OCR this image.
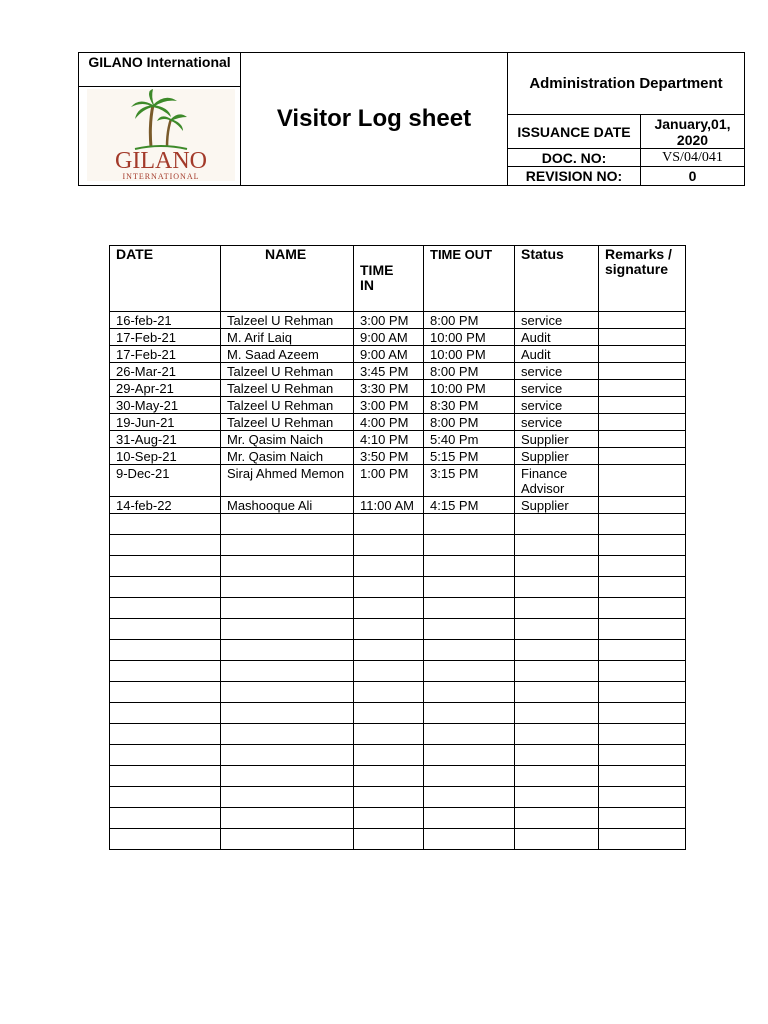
GILANO International
GILANO
INTERNATIONAL
Visitor Log sheet
Administration Department
ISSUANCE DATE	January,01, 2020
DOC. NO:	VS/04/041
REVISION NO:	0
DATE	NAME	TIME IN	TIME OUT	Status	Remarks / signature
16-feb-21	Talzeel U Rehman	3:00 PM	8:00 PM	service	
17-Feb-21	M. Arif Laiq	9:00 AM	10:00 PM	Audit	
17-Feb-21	M. Saad Azeem	9:00 AM	10:00 PM	Audit	
26-Mar-21	Talzeel U Rehman	3:45 PM	8:00 PM	service	
29-Apr-21	Talzeel U Rehman	3:30 PM	10:00 PM	service	
30-May-21	Talzeel U Rehman	3:00 PM	8:30 PM	service	
19-Jun-21	Talzeel U Rehman	4:00 PM	8:00 PM	service	
31-Aug-21	Mr. Qasim Naich	4:10 PM	5:40 Pm	Supplier	
10-Sep-21	Mr. Qasim Naich	3:50 PM	5:15 PM	Supplier	
9-Dec-21	Siraj Ahmed Memon	1:00 PM	3:15 PM	Finance Advisor	
14-feb-22	Mashooque Ali	11:00 AM	4:15 PM	Supplier	
